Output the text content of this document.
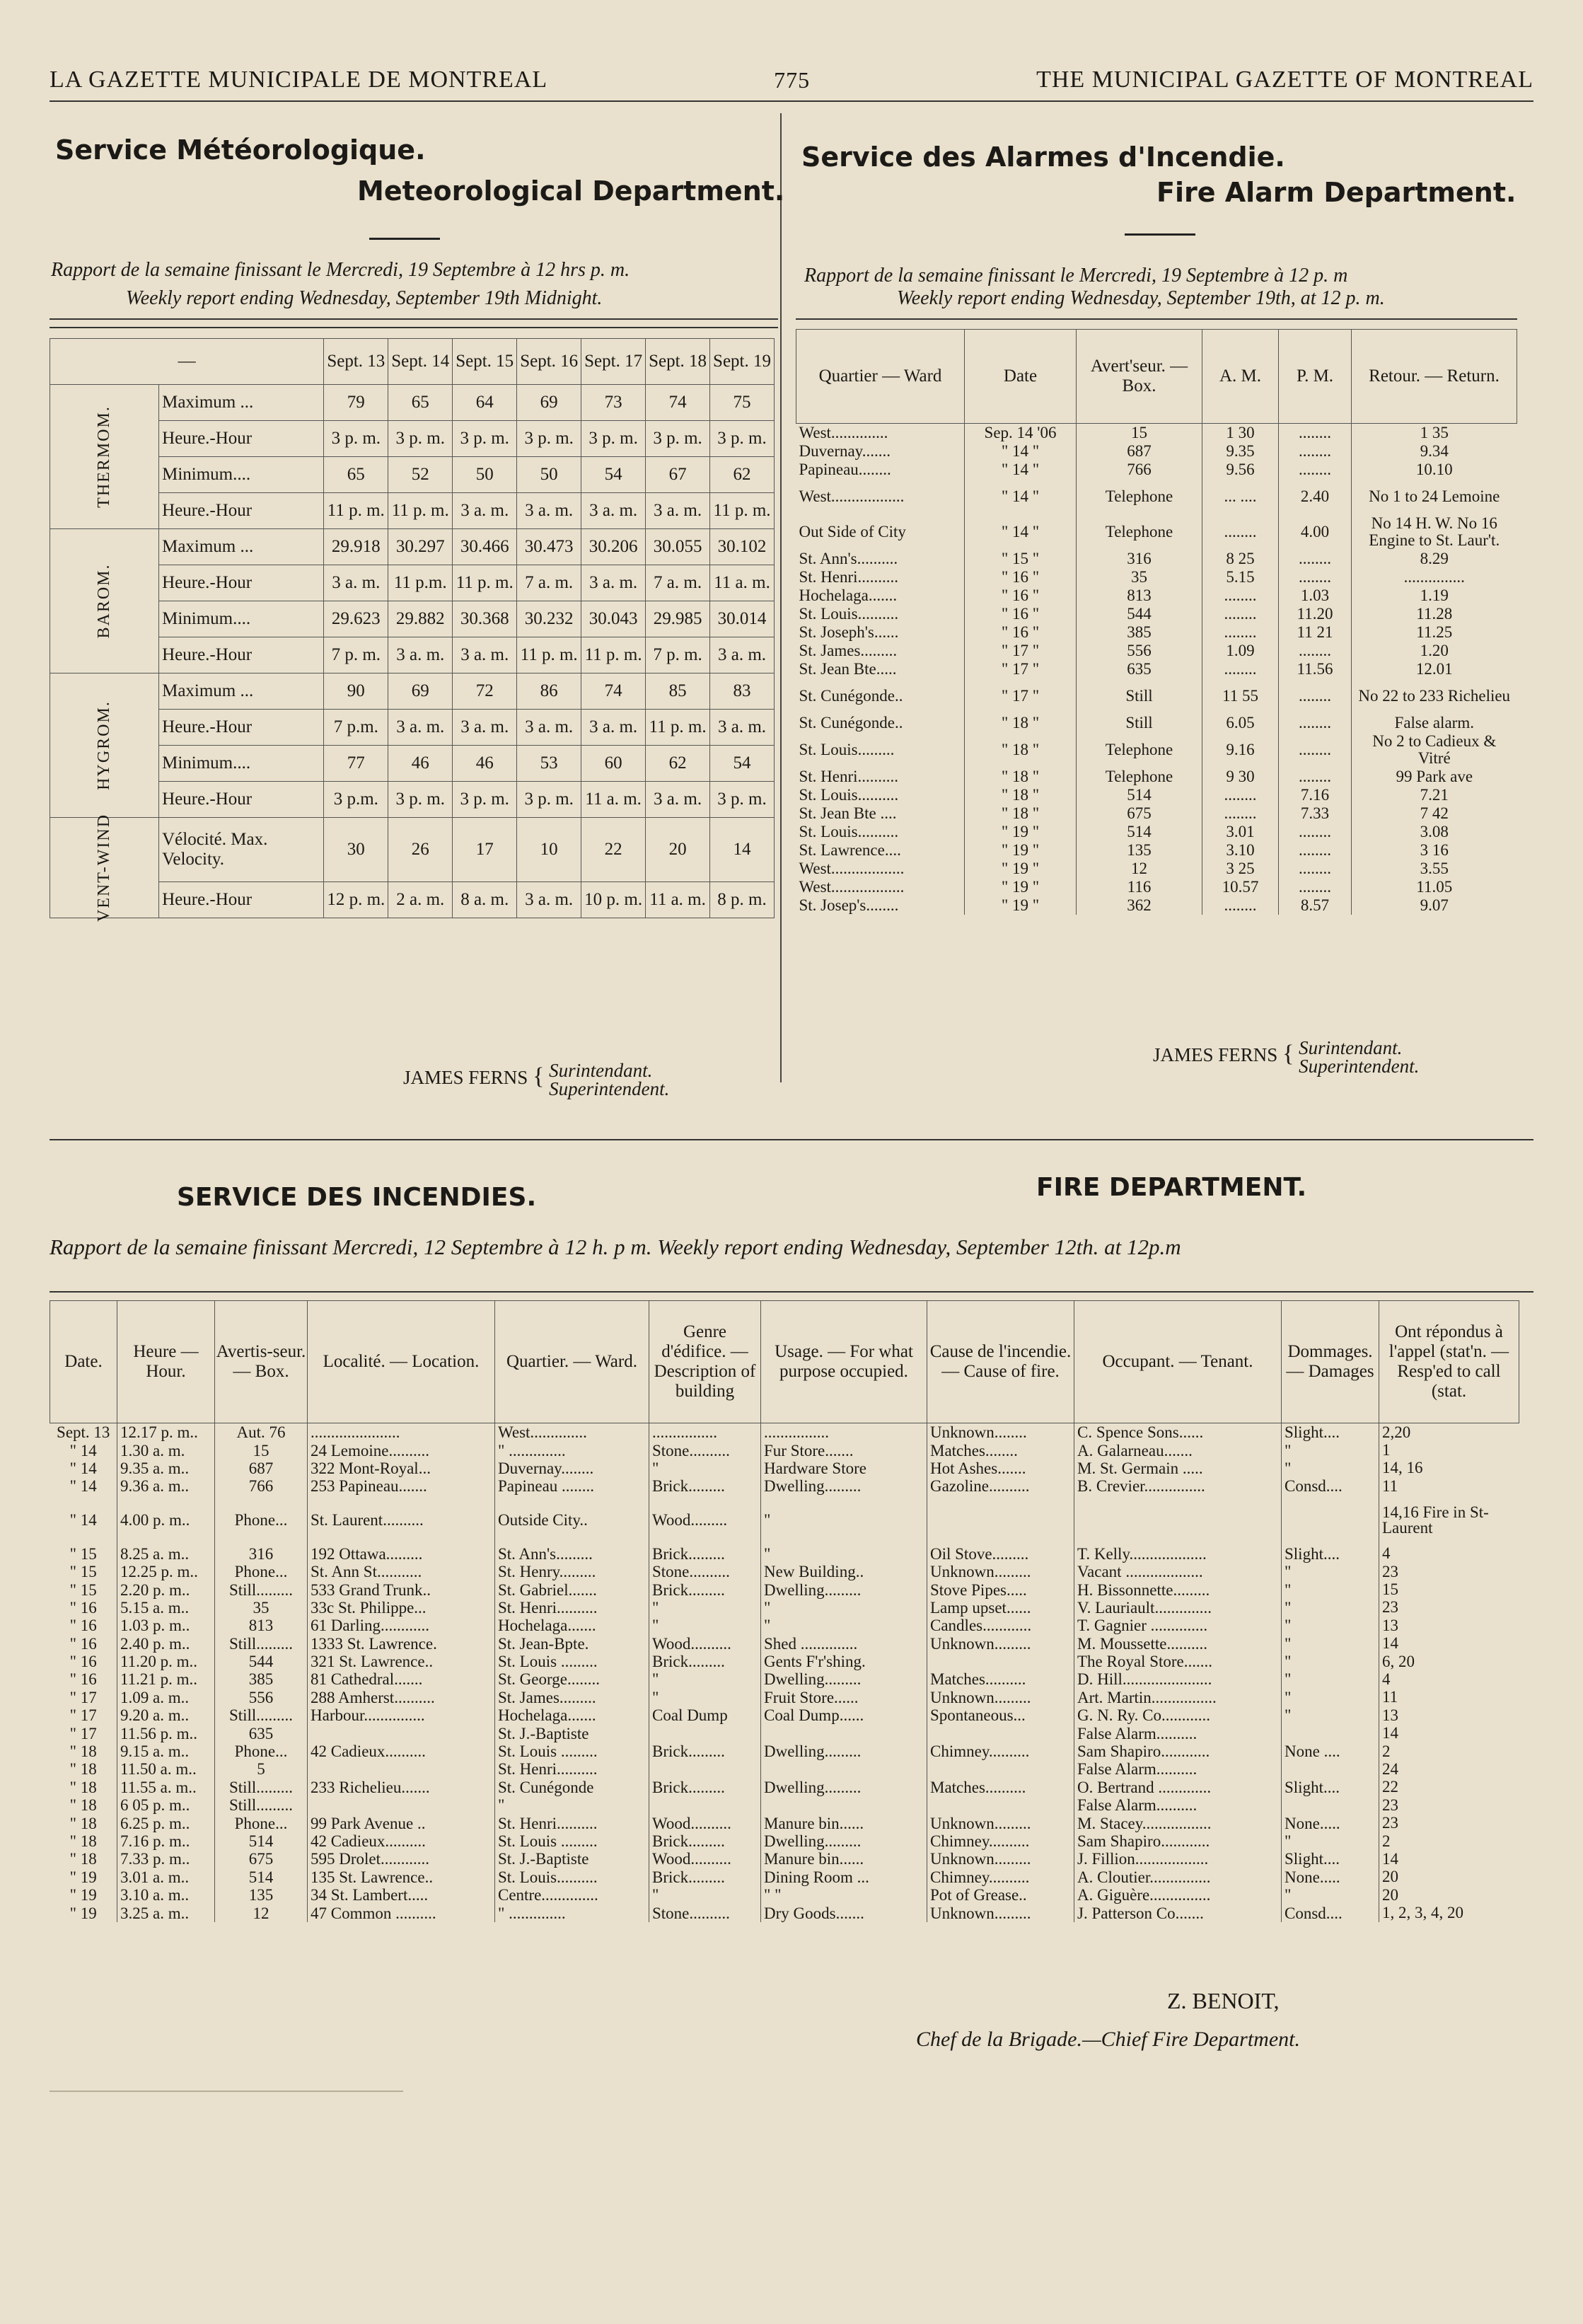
LA GAZETTE MUNICIPALE DE MONTREAL	775	THE MUNICIPAL GAZETTE OF MONTREAL
Service Météorologique.
Meteorological Department.
Rapport de la semaine finissant le Mercredi, 19 Septembre à 12 hrs p. m.
Weekly report ending Wednesday, September 19th Midnight.
—		Sept. 13	Sept. 14	Sept. 15	Sept. 16	Sept. 17	Sept. 18	Sept. 19

THERMOM.	Maximum ...	79	65	64	69	73	74	75
	Heure.-Hour	3 p. m.	3 p. m.	3 p. m.	3 p. m.	3 p. m.	3 p. m.	3 p. m.
	Minimum....	65	52	50	50	54	67	62
	Heure.-Hour	11 p. m.	11 p. m.	3 a. m.	3 a. m.	3 a. m.	3 a. m.	11 p. m.

BAROM.	Maximum ...	29.918	30.297	30.466	30.473	30.206	30.055	30.102
	Heure.-Hour	3 a. m.	11 p.m.	11 p. m.	7 a. m.	3 a. m.	7 a. m.	11 a. m.
	Minimum....	29.623	29.882	30.368	30.232	30.043	29.985	30.014
	Heure.-Hour	7 p. m.	3 a. m.	3 a. m.	11 p. m.	11 p. m.	7 p. m.	3 a. m.

HYGROM.	Maximum ...	90	69	72	86	74	85	83
	Heure.-Hour	7 p.m.	3 a. m.	3 a. m.	3 a. m.	3 a. m.	11 p. m.	3 a. m.
	Minimum....	77	46	46	53	60	62	54
	Heure.-Hour	3 p.m.	3 p. m.	3 p. m.	3 p. m.	11 a. m.	3 a. m.	3 p. m.

VENT-WIND	Vélocité. Max. Velocity.	30	26	17	10	22	20	14
	Heure.-Hour	12 p. m.	2 a. m.	8 a. m.	3 a. m.	10 p. m.	11 a. m.	8 p. m.
JAMES FERNS { Surintendant.
Superintendent.
Service des Alarmes d'Incendie.
Fire Alarm Department.
Rapport de la semaine finissant le Mercredi, 19 Septembre à 12 p. m
Weekly report ending Wednesday, September 19th, at 12 p. m.
Quartier — Ward	Date	Avert'seur. — Box.	A. M.	P. M.	Retour. — Return.
West..............	Sep. 14 '06	15	1 30	........	1 35
Duvernay.......	" 14 "	687	9.35	........	9.34
Papineau........	" 14 "	766	9.56	........	10.10
West..................	" 14 "	Telephone	... ....	2.40	No 1 to 24 Lemoine
Out Side of City	" 14 "	Telephone	........	4.00	No 14 H. W. No 16 Engine to St. Laur't.
St. Ann's..........	" 15 "	316	8 25	........	8.29
St. Henri..........	" 16 "	35	5.15	........	...............
Hochelaga.......	" 16 "	813	........	1.03	1.19
St. Louis..........	" 16 "	544	........	11.20	11.28
St. Joseph's......	" 16 "	385	........	11 21	11.25
St. James.........	" 17 "	556	1.09	........	1.20
St. Jean Bte.....	" 17 "	635	........	11.56	12.01
St. Cunégonde..	" 17 "	Still	11 55	........	No 22 to 233 Richelieu
St. Cunégonde..	" 18 "	Still	6.05	........	False alarm.
St. Louis.........	" 18 "	Telephone	9.16	........	No 2 to Cadieux & Vitré
St. Henri..........	" 18 "	Telephone	9 30	........	99 Park ave
St. Louis..........	" 18 "	514	........	7.16	7.21
St. Jean Bte ....	" 18 "	675	........	7.33	7 42
St. Louis..........	" 19 "	514	3.01	........	3.08
St. Lawrence....	" 19 "	135	3.10	........	3 16
West..................	" 19 "	12	3 25	........	3.55
West..................	" 19 "	116	10.57	........	11.05
St. Josep's........	" 19 "	362	........	8.57	9.07
JAMES FERNS { Surintendant.
Superintendent.
SERVICE DES INCENDIES.	FIRE DEPARTMENT.
Rapport de la semaine finissant Mercredi, 12 Septembre à 12 h. p m. Weekly report ending Wednesday, September 12th. at 12p.m
Date.	Heure — Hour.	Avertis-seur. — Box.	Localité. — Location.	Quartier. — Ward.	Genre d'édifice. — Description of building	Usage. — For what purpose occupied.	Cause de l'incendie. — Cause of fire.	Occupant. — Tenant.	Dommages. — Damages	Ont répondus à l'appel (stat'n. — Resp'ed to call (stat.
Sept. 13	12.17 p. m..	Aut. 76	......................	West..............	................	................	Unknown........	C. Spence Sons......	Slight....	2,20
" 14	1.30 a. m.	15	24 Lemoine..........	" ..............	Stone..........	Fur Store.......	Matches........	A. Galarneau.......	"	1
" 14	9.35 a. m..	687	322 Mont-Royal...	Duvernay........	"	Hardware Store	Hot Ashes.......	M. St. Germain .....	"	14, 16
" 14	9.36 a. m..	766	253 Papineau.......	Papineau ........	Brick.........	Dwelling.........	Gazoline..........	B. Crevier...............	Consd....	11
" 14	4.00 p. m..	Phone...	St. Laurent..........	Outside City..	Wood.........	"				14,16 Fire in St-Laurent
" 15	8.25 a. m..	316	192 Ottawa.........	St. Ann's.........	Brick.........	"	Oil Stove.........	T. Kelly...................	Slight....	4
" 15	12.25 p. m..	Phone...	St. Ann St...........	St. Henry.........	Stone..........	New Building..	Unknown.........	Vacant ...................	"	23
" 15	2.20 p. m..	Still.........	533 Grand Trunk..	St. Gabriel.......	Brick.........	Dwelling.........	Stove Pipes.....	H. Bissonnette.........	"	15
" 16	5.15 a. m..	35	33c St. Philippe...	St. Henri..........	"	"	Lamp upset......	V. Lauriault..............	"	23
" 16	1.03 p. m..	813	61 Darling............	Hochelaga.......	"	"	Candles............	T. Gagnier ..............	"	13
" 16	2.40 p. m..	Still.........	1333 St. Lawrence.	St. Jean-Bpte.	Wood..........	Shed ..............	Unknown.........	M. Moussette..........	"	14
" 16	11.20 p. m..	544	321 St. Lawrence..	St. Louis .........	Brick.........	Gents F'r'shing.		The Royal Store.......	"	6, 20
" 16	11.21 p. m..	385	81 Cathedral.......	St. George........	"	Dwelling.........	Matches..........	D. Hill......................	"	4
" 17	1.09 a. m..	556	288 Amherst..........	St. James.........	"	Fruit Store......	Unknown.........	Art. Martin................	"	11
" 17	9.20 a. m..	Still.........	Harbour...............	Hochelaga.......	Coal Dump	Coal Dump......	Spontaneous...	G. N. Ry. Co............	"	13
" 17	11.56 p. m..	635		St. J.-Baptiste				False Alarm..........		14
" 18	9.15 a. m..	Phone...	42 Cadieux..........	St. Louis .........	Brick.........	Dwelling.........	Chimney..........	Sam Shapiro............	None ....	2
" 18	11.50 a. m..	5		St. Henri..........				False Alarm..........		24
" 18	11.55 a. m..	Still.........	233 Richelieu.......	St. Cunégonde	Brick.........	Dwelling.........	Matches..........	O. Bertrand .............	Slight....	22
" 18	6 05 p. m..	Still.........		"				False Alarm..........		23
" 18	6.25 p. m..	Phone...	99 Park Avenue ..	St. Henri..........	Wood..........	Manure bin......	Unknown.........	M. Stacey.................	None.....	23
" 18	7.16 p. m..	514	42 Cadieux..........	St. Louis .........	Brick.........	Dwelling.........	Chimney..........	Sam Shapiro............	"	2
" 18	7.33 p. m..	675	595 Drolet............	St. J.-Baptiste	Wood..........	Manure bin......	Unknown.........	J. Fillion..................	Slight....	14
" 19	3.01 a. m..	514	135 St. Lawrence..	St. Louis..........	Brick.........	Dining Room ...	Chimney..........	A. Cloutier...............	None.....	20
" 19	3.10 a. m..	135	34 St. Lambert.....	Centre..............	"	" "	Pot of Grease..	A. Giguère...............	"	20
" 19	3.25 a. m..	12	47 Common ..........	" ..............	Stone..........	Dry Goods.......	Unknown.........	J. Patterson Co.......	Consd....	1, 2, 3, 4, 20
Z. BENOIT,
Chef de la Brigade.—Chief Fire Department.
